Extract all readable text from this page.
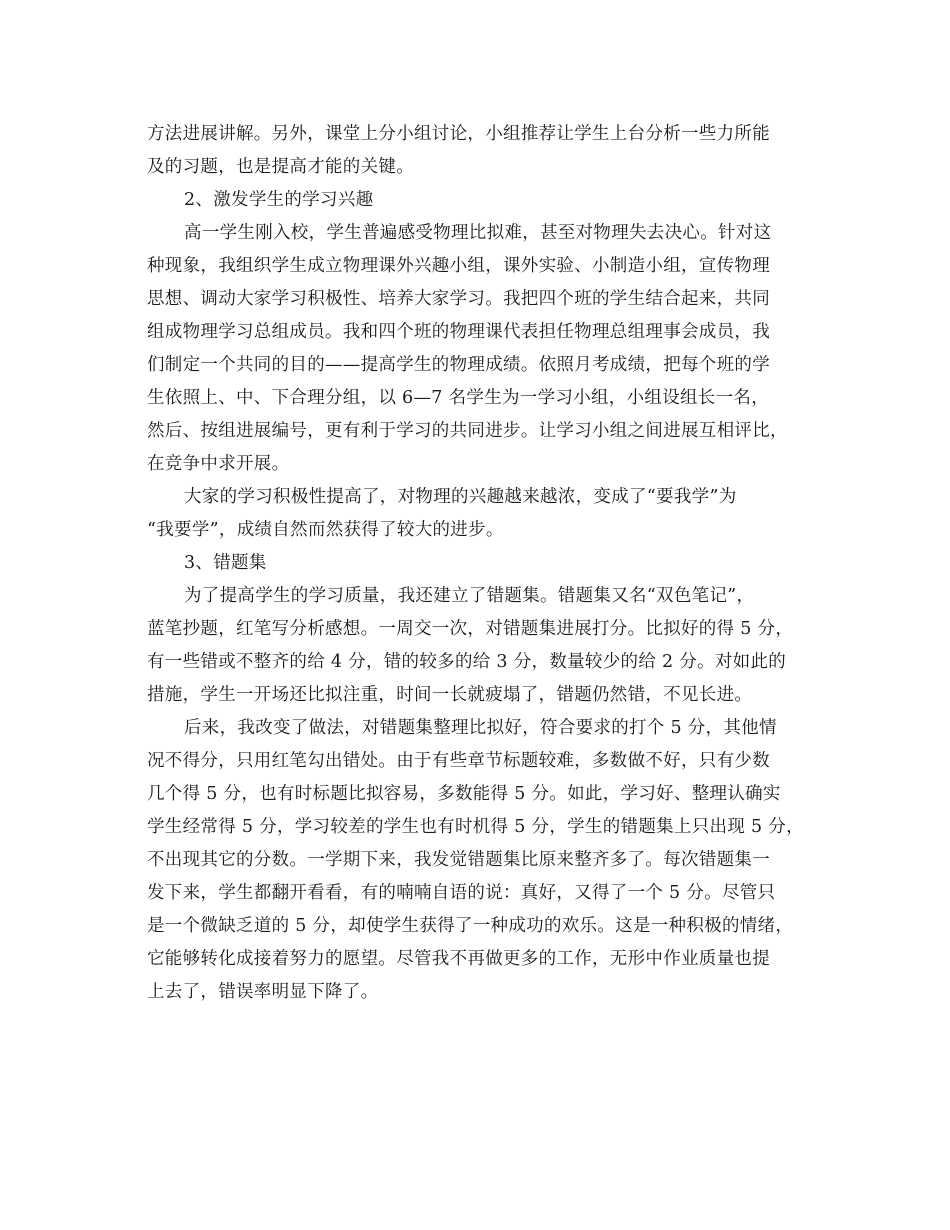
方法进展讲解。另外，课堂上分小组讨论，小组推荐让学生上台分析一些力所能
及的习题，也是提高才能的关键。
2、激发学生的学习兴趣
高一学生刚入校，学生普遍感受物理比拟难，甚至对物理失去决心。针对这
种现象，我组织学生成立物理课外兴趣小组，课外实验、小制造小组，宣传物理
思想、调动大家学习积极性、培养大家学习。我把四个班的学生结合起来，共同
组成物理学习总组成员。我和四个班的物理课代表担任物理总组理事会成员，我
们制定一个共同的目的——提高学生的物理成绩。依照月考成绩，把每个班的学
生依照上、中、下合理分组，以 6—7 名学生为一学习小组，小组设组长一名，
然后、按组进展编号，更有利于学习的共同进步。让学习小组之间进展互相评比，
在竞争中求开展。
大家的学习积极性提高了，对物理的兴趣越来越浓，变成了“要我学”为
“我要学”，成绩自然而然获得了较大的进步。
3、错题集
为了提高学生的学习质量，我还建立了错题集。错题集又名“双色笔记”，
蓝笔抄题，红笔写分析感想。一周交一次，对错题集进展打分。比拟好的得 5 分，
有一些错或不整齐的给 4 分，错的较多的给 3 分，数量较少的给 2 分。对如此的
措施，学生一开场还比拟注重，时间一长就疲塌了，错题仍然错，不见长进。
后来，我改变了做法，对错题集整理比拟好，符合要求的打个 5 分，其他情
况不得分，只用红笔勾出错处。由于有些章节标题较难，多数做不好，只有少数
几个得 5 分，也有时标题比拟容易，多数能得 5 分。如此，学习好、整理认确实
学生经常得 5 分，学习较差的学生也有时机得 5 分，学生的错题集上只出现 5 分，
不出现其它的分数。一学期下来，我发觉错题集比原来整齐多了。每次错题集一
发下来，学生都翻开看看，有的喃喃自语的说：真好，又得了一个 5 分。尽管只
是一个微缺乏道的 5 分，却使学生获得了一种成功的欢乐。这是一种积极的情绪，
它能够转化成接着努力的愿望。尽管我不再做更多的工作，无形中作业质量也提
上去了，错误率明显下降了。
